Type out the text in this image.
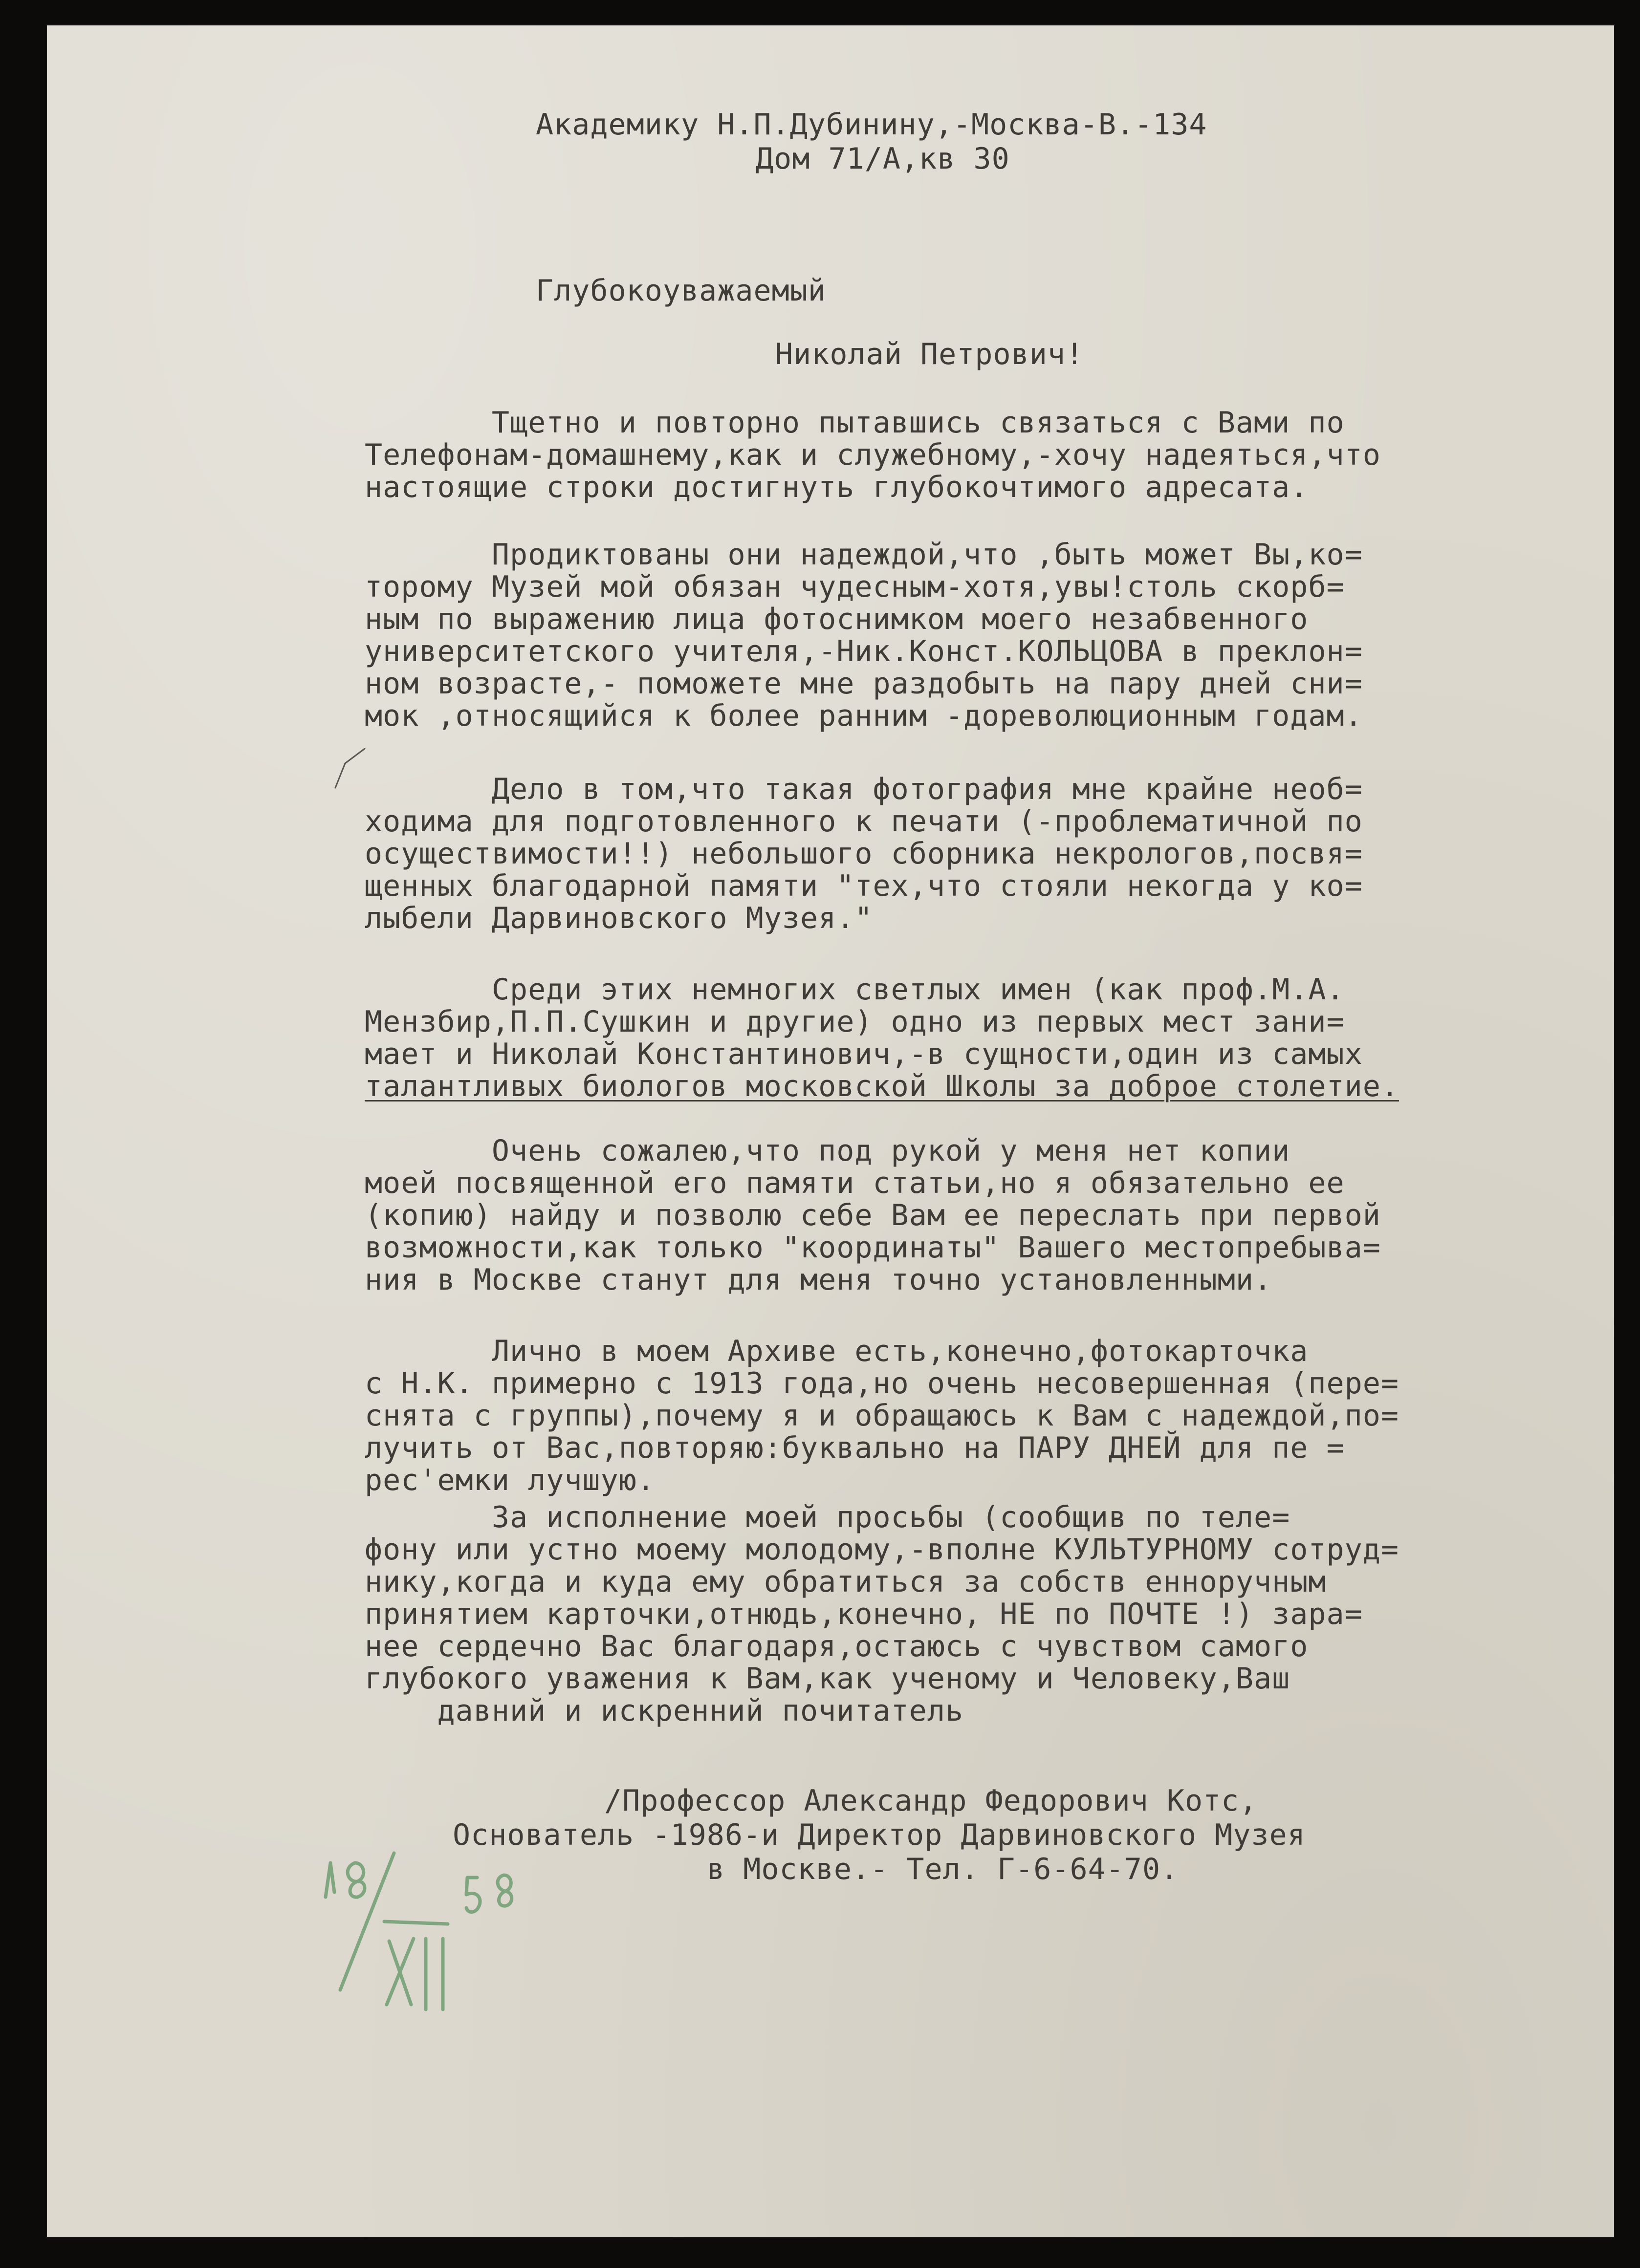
Академику Н.П.Дубинину,-Москва-В.-134
Дом 71/А,кв 30
Глубокоуважаемый
Николай Петрович!
Тщетно и повторно пытавшись связаться с Вами по
Телефонам-домашнему,как и служебному,-хочу надеяться,что
настоящие строки достигнуть глубокочтимого адресата.
Продиктованы они надеждой,что ,быть может Вы,ко=
торому Музей мой обязан чудесным-хотя,увы!столь скорб=
ным по выражению лица фотоснимком моего незабвенного
университетского учителя,-Ник.Конст.КОЛЬЦОВА в преклон=
ном возрасте,- поможете мне раздобыть на пару дней сни=
мок ,относящийся к более ранним -дореволюционным годам.
Дело в том,что такая фотография мне крайне необ=
ходима для подготовленного к печати (-проблематичной по
осуществимости!!) небольшого сборника некрологов,посвя=
щенных благодарной памяти "тех,что стояли некогда у ко=
лыбели Дарвиновского Музея."
Среди этих немногих светлых имен (как проф.М.А.
Мензбир,П.П.Сушкин и другие) одно из первых мест зани=
мает и Николай Константинович,-в сущности,один из самых
талантливых биологов московской Школы за доброе столетие.
Очень сожалею,что под рукой у меня нет копии
моей посвященной его памяти статьи,но я обязательно ее
(копию) найду и позволю себе Вам ее переслать при первой
возможности,как только "координаты" Вашего местопребыва=
ния в Москве станут для меня точно установленными.
Лично в моем Архиве есть,конечно,фотокарточка
с Н.К. примерно с 1913 года,но очень несовершенная (пере=
снята с группы),почему я и обращаюсь к Вам с надеждой,по=
лучить от Вас,повторяю:буквально на ПАРУ ДНЕЙ для пе =
рес'емки лучшую.
За исполнение моей просьбы (сообщив по теле=
фону или устно моему молодому,-вполне КУЛЬТУРНОМУ сотруд=
нику,когда и куда ему обратиться за собств енноручным
принятием карточки,отнюдь,конечно, НЕ по ПОЧТЕ !) зара=
нее сердечно Вас благодаря,остаюсь с чувством самого
глубокого уважения к Вам,как ученому и Человеку,Ваш
давний и искренний почитатель
/Профессор Александр Федорович Котс,
Основатель -1986-и Директор Дарвиновского Музея
в Москве.- Тел. Г-6-64-70.
